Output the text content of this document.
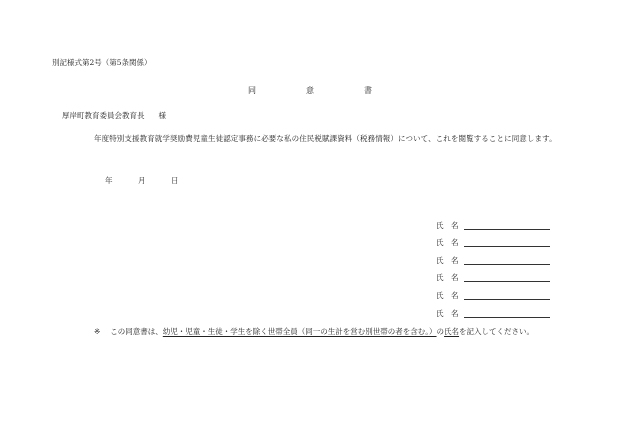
別記様式第2号（第5条関係）
同	意	書
厚岸町教育委員会教育長 様
年度特別支援教育就学奨励費児童生徒認定事務に必要な私の住民税賦課資料（税務情報）について、これを閲覧することに同意します。
年	月	日
氏　名
氏　名
氏　名
氏　名
氏　名
氏　名
※ この同意書は、幼児・児童・生徒・学生を除く世帯全員（同一の生計を営む別世帯の者を含む。）の氏名を記入してください。
